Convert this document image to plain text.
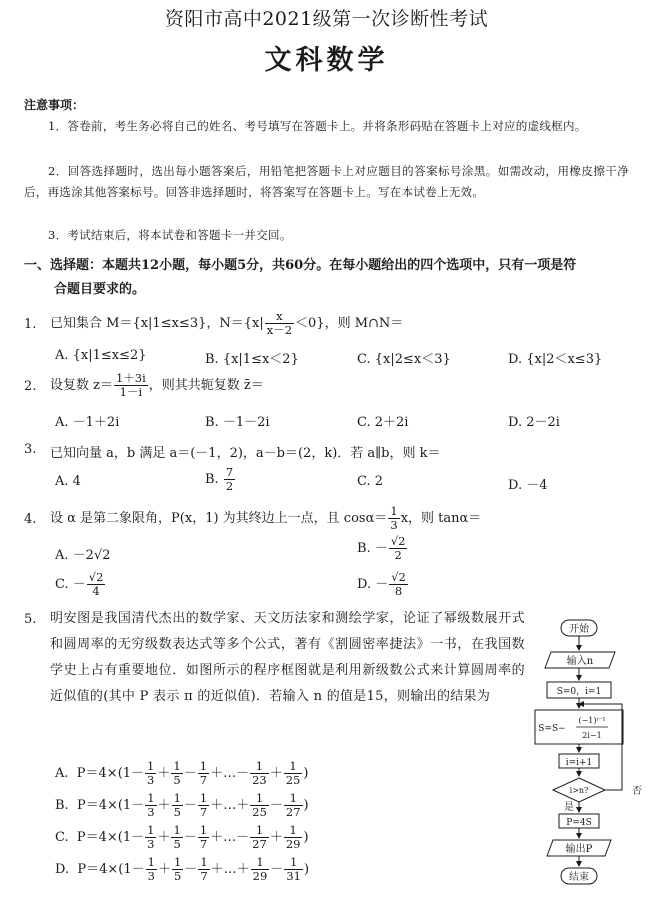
资阳市高中2021级第一次诊断性考试
文科数学
注意事项：
1．答卷前，考生务必将自己的姓名、考号填写在答题卡上。并将条形码贴在答题卡上对应的虚线框内。
2．回答选择题时，选出每小题答案后，用铅笔把答题卡上对应题目的答案标号涂黑。如需改动，用橡皮擦干净后，再选涂其他答案标号。回答非选择题时，将答案写在答题卡上。写在本试卷上无效。
3．考试结束后，将本试卷和答题卡一并交回。
一、选择题：本题共12小题，每小题5分，共60分。在每小题给出的四个选项中，只有一项是符
合题目要求的。
1. 已知集合 M＝{x|1≤x≤3}，$N=\{x| \frac{x}{x-2} <0\}$，则 M∩N＝
A. {x|1≤x≤2}	B. {x|1≤x＜2}	C. {x|2≤x＜3}	D. {x|2＜x≤3}
2. 设复数 $z= \frac{1+3i}{1-i}$ ，则其共轭复数 z̄＝
A. －1＋2i	B. －1－2i	C. 2＋2i	D. 2－2i
3. 已知向量 a，b 满足 a＝(－1，2)，a－b＝(2，k)．若 a∥b，则 k＝
A. 4	B. $\frac{7}{2}$	C. 2	D. －4
4. 设 α 是第二象限角，P(x，1) 为其终边上一点，且 $\cos\alpha= \frac{1}{3}$ x，则 tanα＝
A. －2√2	B. － $\frac{√2}{2}$
C. － $\frac{√2}{4}$	D. － $\frac{√2}{8}$
5. 明安图是我国清代杰出的数学家、天文历法家和测绘学家，论证了幂级数展开式和圆周率的无穷级数表达式等多个公式，著有《割圆密率捷法》一书，在我国数学史上占有重要地位．如图所示的程序框图就是利用新级数公式来计算圆周率的近似值的(其中 P 表示 π 的近似值)．若输入 n 的值是15，则输出的结果为
A.  $P=4\times(1- \frac{1}{3} + \frac{1}{5} - \frac{1}{7}$ ＋…－ $\frac{1}{23} + \frac{1}{25}$ )
B.  $P=4\times(1- \frac{1}{3} + \frac{1}{5} - \frac{1}{7}$ ＋…＋ $\frac{1}{25} - \frac{1}{27}$ )
C.  $P=4\times(1- \frac{1}{3} + \frac{1}{5} - \frac{1}{7}$ ＋…－ $\frac{1}{27} + \frac{1}{29}$ )
D.  $P=4\times(1- \frac{1}{3} + \frac{1}{5} - \frac{1}{7}$ ＋…＋ $\frac{1}{29} - \frac{1}{31}$ )
开始
输入n
S=0，i=1
S=S−
(−1)ⁱ⁻¹
2i−1
i=i+1
i>n?	否
是
P=4S
输出P
结束
